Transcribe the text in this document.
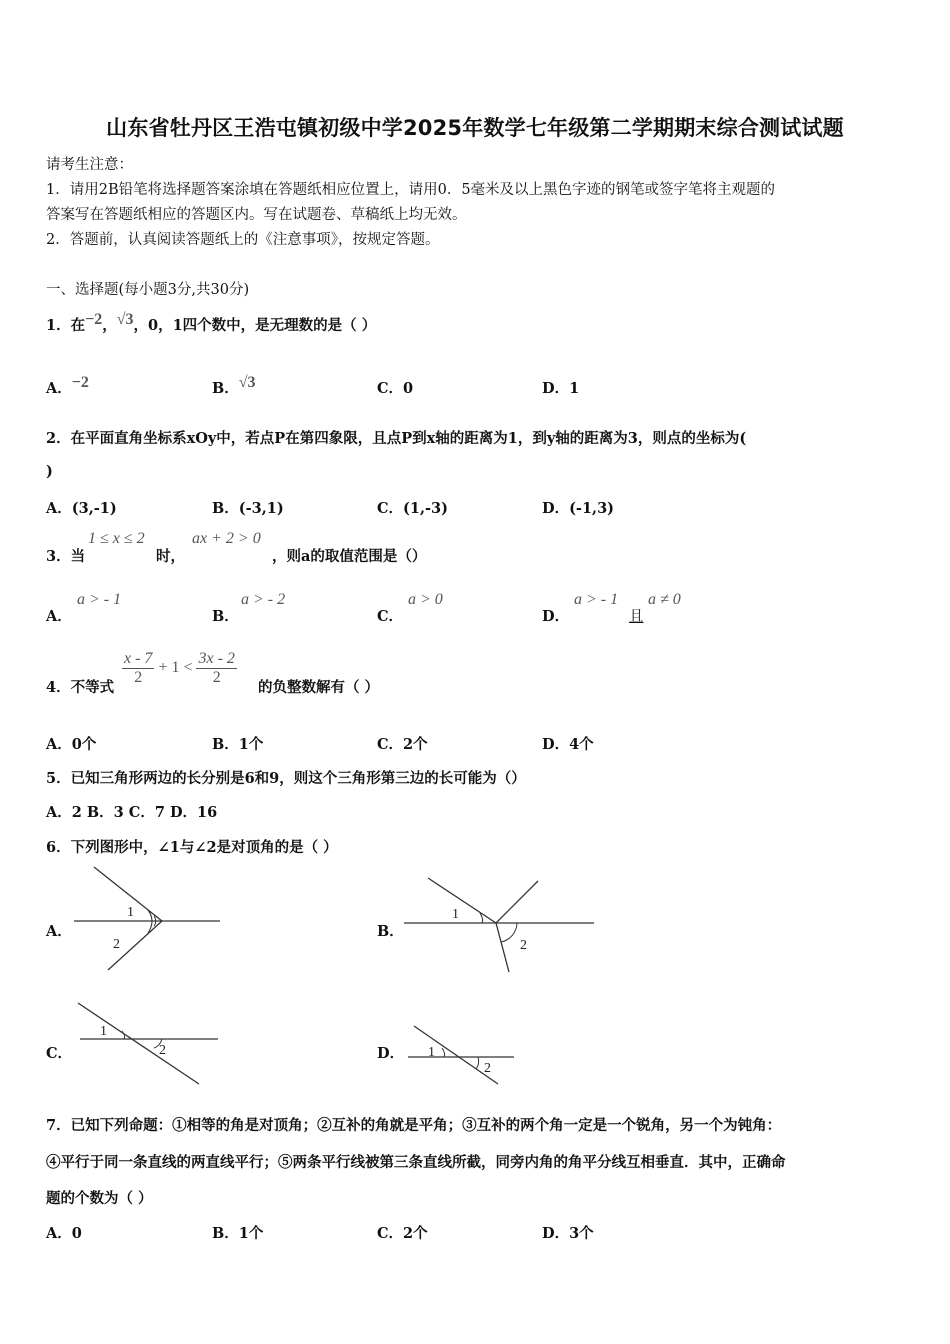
山东省牡丹区王浩屯镇初级中学2025年数学七年级第二学期期末综合测试试题
请考生注意：
1．请用2B铅笔将选择题答案涂填在答题纸相应位置上，请用0．5毫米及以上黑色字迹的钢笔或签字笔将主观题的
答案写在答题纸相应的答题区内。写在试题卷、草稿纸上均无效。
2．答题前，认真阅读答题纸上的《注意事项》，按规定答题。
一、选择题(每小题3分,共30分)
1．在−2，√3，0，1四个数中，是无理数的是（ ）
A．−2	B．√3	C．0	D．1
2．在平面直角坐标系xOy中，若点P在第四象限，且点P到x轴的距离为1，到y轴的距离为3，则点的坐标为(
)
A．(3,-1)	B．(-3,1)	C．(1,-3)	D．(-1,3)
3．当
1 ≤ x ≤ 2
时，
ax + 2 > 0
，则a的取值范围是（）
A．
a > - 1
B．
a > - 2
C．
a > 0
D．
a > - 1
且
a ≠ 0
4．不等式
$\frac{x - 7}{2} + 1 < \frac{3x - 2}{2}$
的负整数解有（ ）
A．0个	B．1个	C．2个	D．4个
5．已知三角形两边的长分别是6和9，则这个三角形第三边的长可能为（）
A．2 B．3 C．7 D．16
6．下列图形中，∠1与∠2是对顶角的是（ ）
A．
1
2
B．
1
2
C．
1
2	D． 1
2
7．已知下列命题：①相等的角是对顶角；②互补的角就是平角；③互补的两个角一定是一个锐角，另一个为钝角：
④平行于同一条直线的两直线平行；⑤两条平行线被第三条直线所截，同旁内角的角平分线互相垂直．其中，正确命
题的个数为（ ）
A．0	B．1个	C．2个	D．3个
